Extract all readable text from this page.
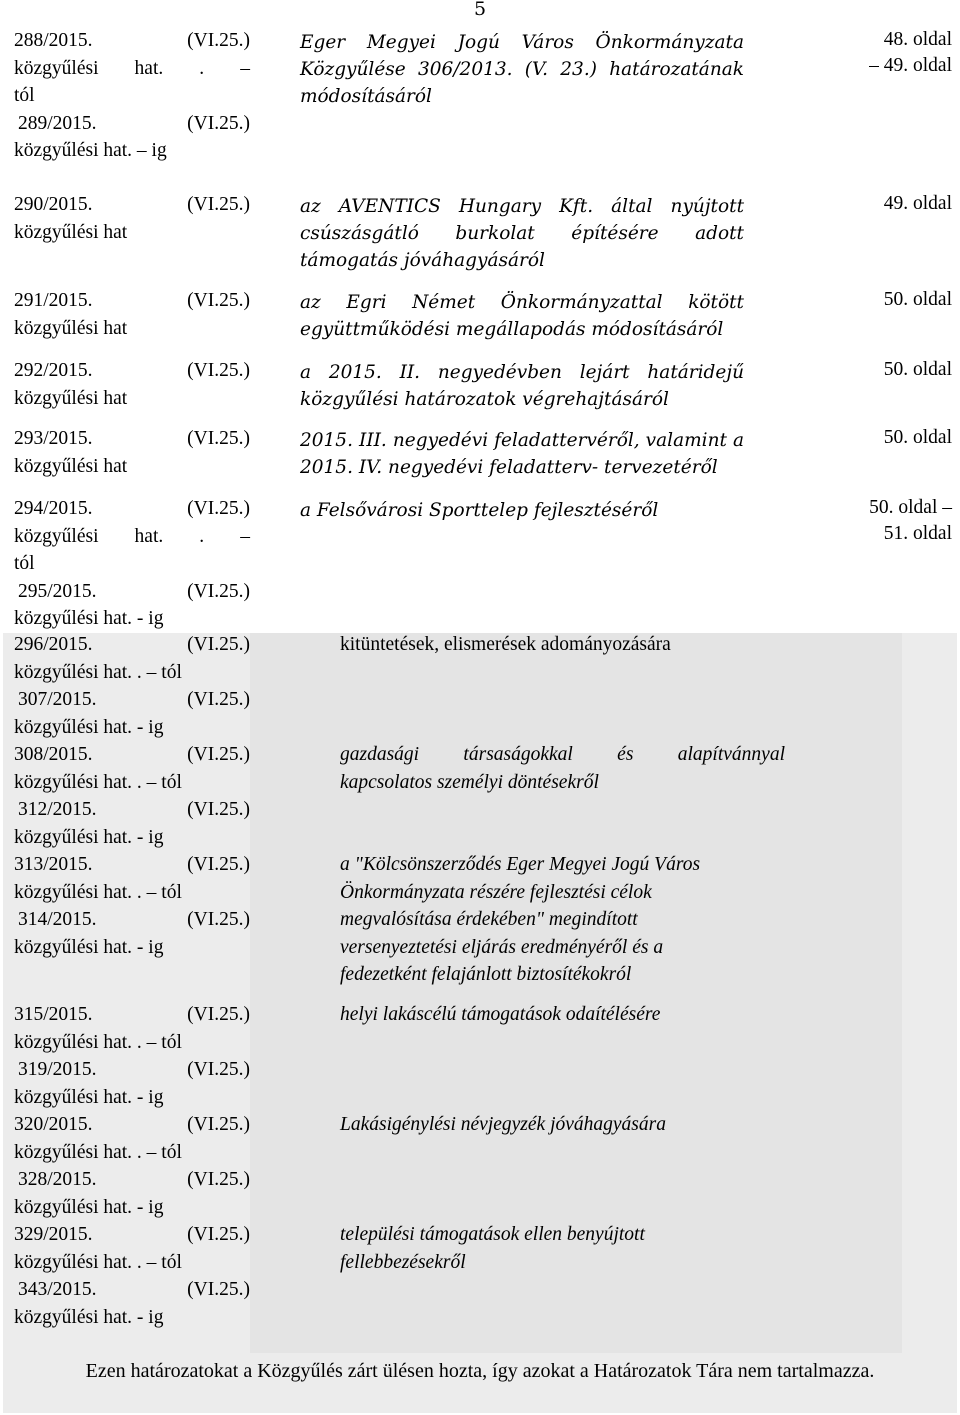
5
288/2015. (VI.25.)
közgyűlési hat. . –
tól
289/2015. (VI.25.)
közgyűlési hat. – ig
Eger Megyei Jogú Város Önkormányzata
Közgyűlése 306/2013. (V. 23.) határozatának
módosításáról
48. oldal
– 49. oldal
290/2015. (VI.25.)
közgyűlési hat
az AVENTICS Hungary Kft. által nyújtott
csúszásgátló burkolat építésére adott
támogatás jóváhagyásáról
49. oldal
291/2015. (VI.25.)
közgyűlési hat
az Egri Német Önkormányzattal kötött
együttműködési megállapodás módosításáról
50. oldal
292/2015. (VI.25.)
közgyűlési hat
a 2015. II. negyedévben lejárt határidejű
közgyűlési határozatok végrehajtásáról
50. oldal
293/2015. (VI.25.)
közgyűlési hat
2015. III. negyedévi feladattervéről, valamint a
2015. IV. negyedévi feladatterv- tervezetéről
50. oldal
294/2015. (VI.25.)
közgyűlési hat. . –
tól
295/2015. (VI.25.)
közgyűlési hat. - ig
a Felsővárosi Sporttelep fejlesztéséről	50. oldal –
51. oldal
296/2015. (VI.25.)
közgyűlési hat. . – tól
307/2015. (VI.25.)
közgyűlési hat. - ig
kitüntetések, elismerések adományozására
308/2015. (VI.25.)
közgyűlési hat. . – tól
312/2015. (VI.25.)
közgyűlési hat. - ig
gazdasági társaságokkal és alapítvánnyal
kapcsolatos személyi döntésekről
313/2015. (VI.25.)
közgyűlési hat. . – tól
314/2015. (VI.25.)
közgyűlési hat. - ig
a "Kölcsönszerződés Eger Megyei Jogú Város
Önkormányzata részére fejlesztési célok
megvalósítása érdekében" megindított
versenyeztetési eljárás eredményéről és a
fedezetként felajánlott biztosítékokról
315/2015. (VI.25.)
közgyűlési hat. . – tól
319/2015. (VI.25.)
közgyűlési hat. - ig
helyi lakáscélú támogatások odaítélésére
320/2015. (VI.25.)
közgyűlési hat. . – tól
328/2015. (VI.25.)
közgyűlési hat. - ig
Lakásigénylési névjegyzék jóváhagyására
329/2015. (VI.25.)
közgyűlési hat. . – tól
343/2015. (VI.25.)
közgyűlési hat. - ig
települési támogatások ellen benyújtott
fellebbezésekről
Ezen határozatokat a Közgyűlés zárt ülésen hozta, így azokat a Határozatok Tára nem tartalmazza.
